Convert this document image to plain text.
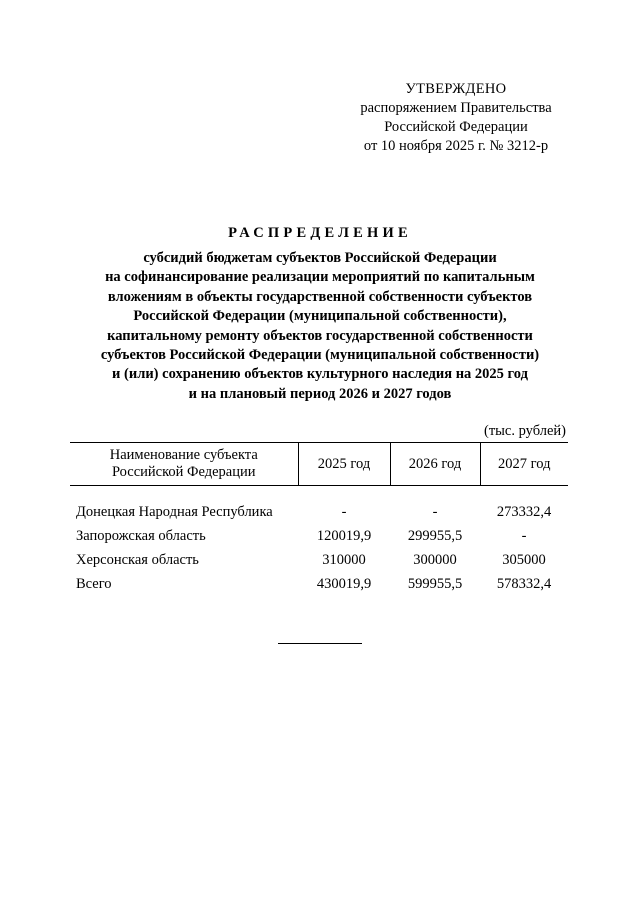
УТВЕРЖДЕНО
распоряжением Правительства
Российской Федерации
от 10 ноября 2025 г. № 3212-р
РАСПРЕДЕЛЕНИЕ
субсидий бюджетам субъектов Российской Федерации
на софинансирование реализации мероприятий по капитальным
вложениям в объекты государственной собственности субъектов
Российской Федерации (муниципальной собственности),
капитальному ремонту объектов государственной собственности
субъектов Российской Федерации (муниципальной собственности)
и (или) сохранению объектов культурного наследия на 2025 год
и на плановый период 2026 и 2027 годов
(тыс. рублей)
Наименование субъекта
Российской Федерации	2025 год	2026 год	2027 год

Донецкая Народная Республика	-	-	273332,4
Запорожская область	120019,9	299955,5	-
Херсонская область	310000	300000	305000
Всего	430019,9	599955,5	578332,4
